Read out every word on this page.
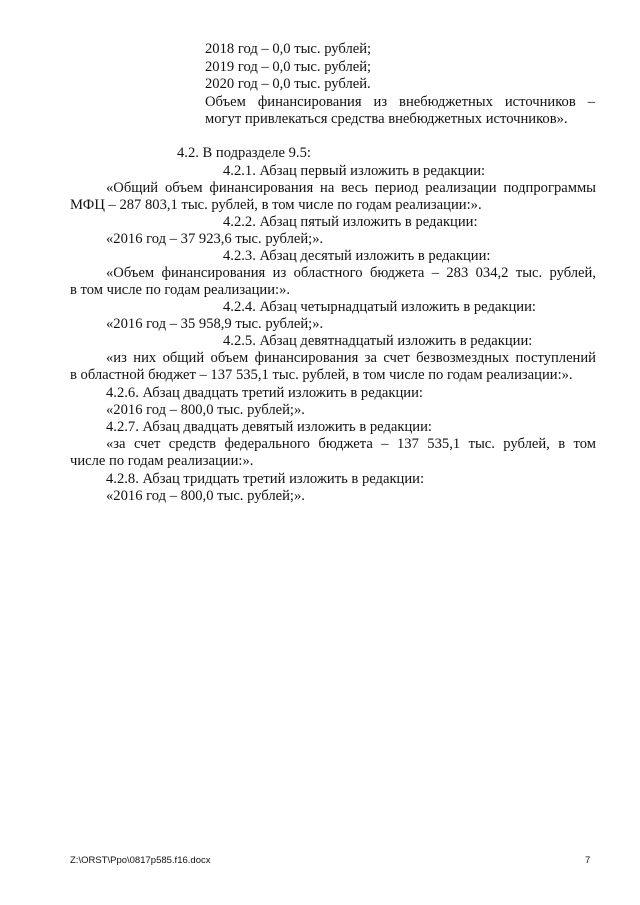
2018 год – 0,0 тыс. рублей;
2019 год – 0,0 тыс. рублей;
2020 год – 0,0 тыс. рублей.
Объем финансирования из внебюджетных источников –
могут привлекаться средства внебюджетных источников».
4.2. В подразделе 9.5:
4.2.1. Абзац первый изложить в редакции:
«Общий объем финансирования на весь период реализации подпрограммы
МФЦ – 287 803,1 тыс. рублей, в том числе по годам реализации:».
4.2.2. Абзац пятый изложить в редакции:
«2016 год – 37 923,6 тыс. рублей;».
4.2.3. Абзац десятый изложить в редакции:
«Объем финансирования из областного бюджета – 283 034,2 тыс. рублей,
в том числе по годам реализации:».
4.2.4. Абзац четырнадцатый изложить в редакции:
«2016 год – 35 958,9 тыс. рублей;».
4.2.5. Абзац девятнадцатый изложить в редакции:
«из них общий объем финансирования за счет безвозмездных поступлений
в областной бюджет – 137 535,1 тыс. рублей, в том числе по годам реализации:».
4.2.6. Абзац двадцать третий изложить в редакции:
«2016 год – 800,0 тыс. рублей;».
4.2.7. Абзац двадцать девятый изложить в редакции:
«за счет средств федерального бюджета – 137 535,1 тыс. рублей, в том
числе по годам реализации:».
4.2.8. Абзац тридцать третий изложить в редакции:
«2016 год – 800,0 тыс. рублей;».
Z:\ORST\Ppo\0817p585.f16.docx	7
